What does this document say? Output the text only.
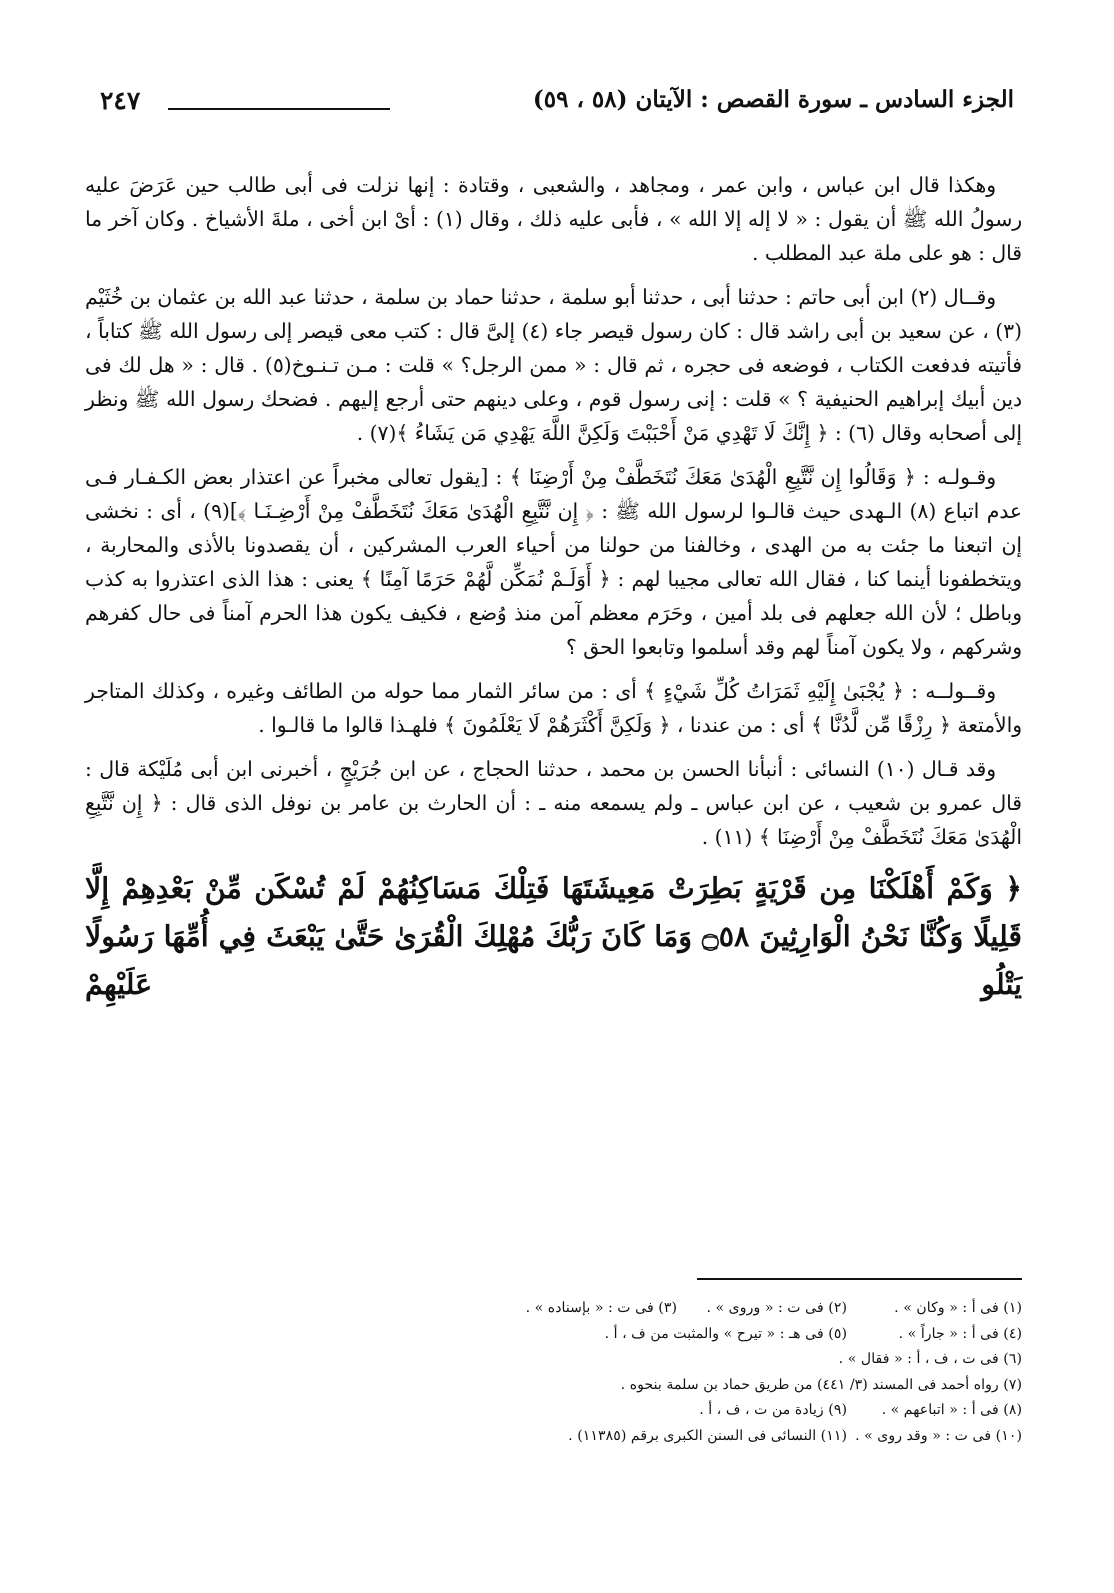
الجزء السادس ـ سورة القصص : الآيتان (٥٨ ، ٥٩)
٢٤٧

وهكذا قال ابن عباس ، وابن عمر ، ومجاهد ، والشعبى ، وقتادة : إنها نزلت فى أبى طالب حين عَرَضَ عليه رسولُ الله ﷺ أن يقول : « لا إله إلا الله » ، فأبى عليه ذلك ، وقال (١) : أىْ ابن أخى ، ملةَ الأشياخ . وكان آخر ما قال : هو على ملة عبد المطلب .

وقــال (٢) ابن أبى حاتم : حدثنا أبى ، حدثنا أبو سلمة ، حدثنا حماد بن سلمة ، حدثنا عبد الله بن عثمان بن خُثَيْم (٣) ، عن سعيد بن أبى راشد قال : كان رسول قيصر جاء (٤) إلىَّ قال : كتب معى قيصر إلى رسول الله ﷺ كتاباً ، فأتيته فدفعت الكتاب ، فوضعه فى حجره ، ثم قال : « ممن الرجل؟ » قلت : مـن تـنـوخ(٥) . قال : « هل لك فى دين أبيك إبراهيم الحنيفية ؟ » قلت : إنى رسول قوم ، وعلى دينهم حتى أرجع إليهم . فضحك رسول الله ﷺ ونظر إلى أصحابه وقال (٦) : ﴿ إِنَّكَ لَا تَهْدِي مَنْ أَحْبَبْتَ وَلَكِنَّ اللَّهَ يَهْدِي مَن يَشَاءُ ﴾(٧) .

وقـولـه : ﴿ وَقَالُوا إِن نَّتَّبِعِ الْهُدَىٰ مَعَكَ نُتَخَطَّفْ مِنْ أَرْضِنَا ﴾ : [يقول تعالى مخبراً عن اعتذار بعض الكـفـار فـى عدم اتباع (٨) الـهدى حيث قالـوا لرسول الله ﷺ : ﴿ إِن نَّتَّبِعِ الْهُدَىٰ مَعَكَ نُتَخَطَّفْ مِنْ أَرْضِـنَـا ﴾](٩) ، أى : نخشى إن اتبعنا ما جئت به من الهدى ، وخالفنا من حولنا من أحياء العرب المشركين ، أن يقصدونا بالأذى والمحاربة ، ويتخطفونا أينما كنا ، فقال الله تعالى مجيبا لهم : ﴿ أَوَلَـمْ نُمَكِّن لَّهُمْ حَرَمًا آمِنًا ﴾ يعنى : هذا الذى اعتذروا به كذب وباطل ؛ لأن الله جعلهم فى بلد أمين ، وحَرَم معظم آمن منذ وُضع ، فكيف يكون هذا الحرم آمناً فى حال كفرهم وشركهم ، ولا يكون آمناً لهم وقد أسلموا وتابعوا الحق ؟

وقــولــه : ﴿ يُجْبَىٰ إِلَيْهِ ثَمَرَاتُ كُلِّ شَيْءٍ ﴾ أى : من سائر الثمار مما حوله من الطائف وغيره ، وكذلك المتاجر والأمتعة ﴿ رِزْقًا مِّن لَّدُنَّا ﴾ أى : من عندنا ، ﴿ وَلَكِنَّ أَكْثَرَهُمْ لَا يَعْلَمُونَ ﴾ فلهـذا قالوا ما قالـوا .

وقد قـال (١٠) النسائى : أنبأنا الحسن بن محمد ، حدثنا الحجاج ، عن ابن جُرَيْجٍ ، أخبرنى ابن أبى مُلَيْكة قال : قال عمرو بن شعيب ، عن ابن عباس ـ ولم يسمعه منه ـ : أن الحارث بن عامر بن نوفل الذى قال : ﴿ إِن نَّتَّبِعِ الْهُدَىٰ مَعَكَ نُتَخَطَّفْ مِنْ أَرْضِنَا ﴾ (١١) .

﴿ وَكَمْ أَهْلَكْنَا مِن قَرْيَةٍ بَطِرَتْ مَعِيشَتَهَا فَتِلْكَ مَسَاكِنُهُمْ لَمْ تُسْكَن مِّنْ بَعْدِهِمْ إِلَّا قَلِيلًا وَكُنَّا نَحْنُ الْوَارِثِينَ ۝٥٨ وَمَا كَانَ رَبُّكَ مُهْلِكَ الْقُرَىٰ حَتَّىٰ يَبْعَثَ فِي أُمِّهَا رَسُولًا يَتْلُو عَلَيْهِمْ

(١) فى أ : « وكان » .
(٢) فى ت : « وروى » .
(٣) فى ت : « بإسناده » .
(٤) فى أ : « جاراً » .
(٥) فى هـ : « تيرح » والمثبت من ف ، أ .
(٦) فى ت ، ف ، أ : « فقال » .
(٧) رواه أحمد فى المسند (٣/ ٤٤١) من طريق حماد بن سلمة بنحوه .
(٨) فى أ : « اتباعهم » .
(٩) زيادة من ت ، ف ، أ .
(١٠) فى ت : « وقد روى » .
(١١) النسائى فى السنن الكبرى برقم (١١٣٨٥) .
